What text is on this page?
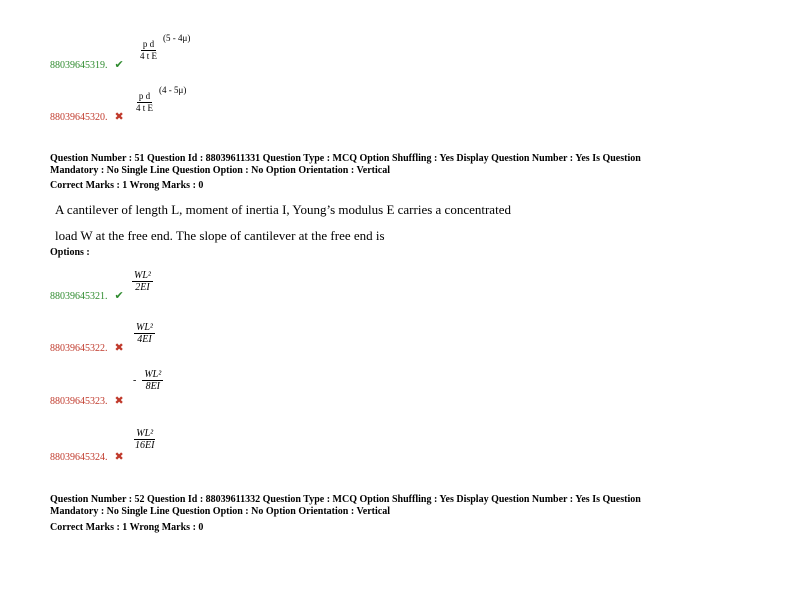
88039645319. ✔
$\frac{\text{p d}}{\text{4 t E}}$
$^{(5 - 4\mu)}$
88039645320. ✖
$\frac{\text{p d}}{\text{4 t E}}$
$^{(4 - 5\mu)}$
Question Number : 51 Question Id : 88039611331 Question Type : MCQ Option Shuffling : Yes Display Question Number : Yes Is Question
Mandatory : No Single Line Question Option : No Option Orientation : Vertical
Correct Marks : 1 Wrong Marks : 0
A cantilever of length L, moment of inertia I, Young’s modulus E carries a concentrated
load W at the free end. The slope of cantilever at the free end is
Options :
88039645321. ✔
$\frac{\text{WL²}}{2EI}$
88039645322. ✖
$\frac{\text{WL²}}{4EI}$
88039645323. ✖
- $\frac{\text{WL²}}{8EI}$
88039645324. ✖
$\frac{\text{WL²}}{16EI}$
Question Number : 52 Question Id : 88039611332 Question Type : MCQ Option Shuffling : Yes Display Question Number : Yes Is Question
Mandatory : No Single Line Question Option : No Option Orientation : Vertical
Correct Marks : 1 Wrong Marks : 0
